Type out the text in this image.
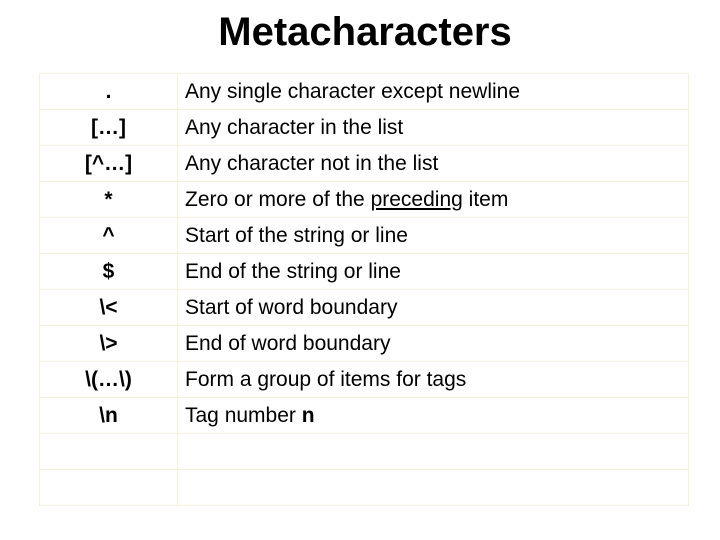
Metacharacters
.	Any single character except newline
[…]	Any character in the list
[^…]	Any character not in the list
*	Zero or more of the preceding item
^	Start of the string or line
$	End of the string or line
\<	Start of word boundary
\>	End of word boundary
\(…\)	Form a group of items for tags
\n	Tag number n
